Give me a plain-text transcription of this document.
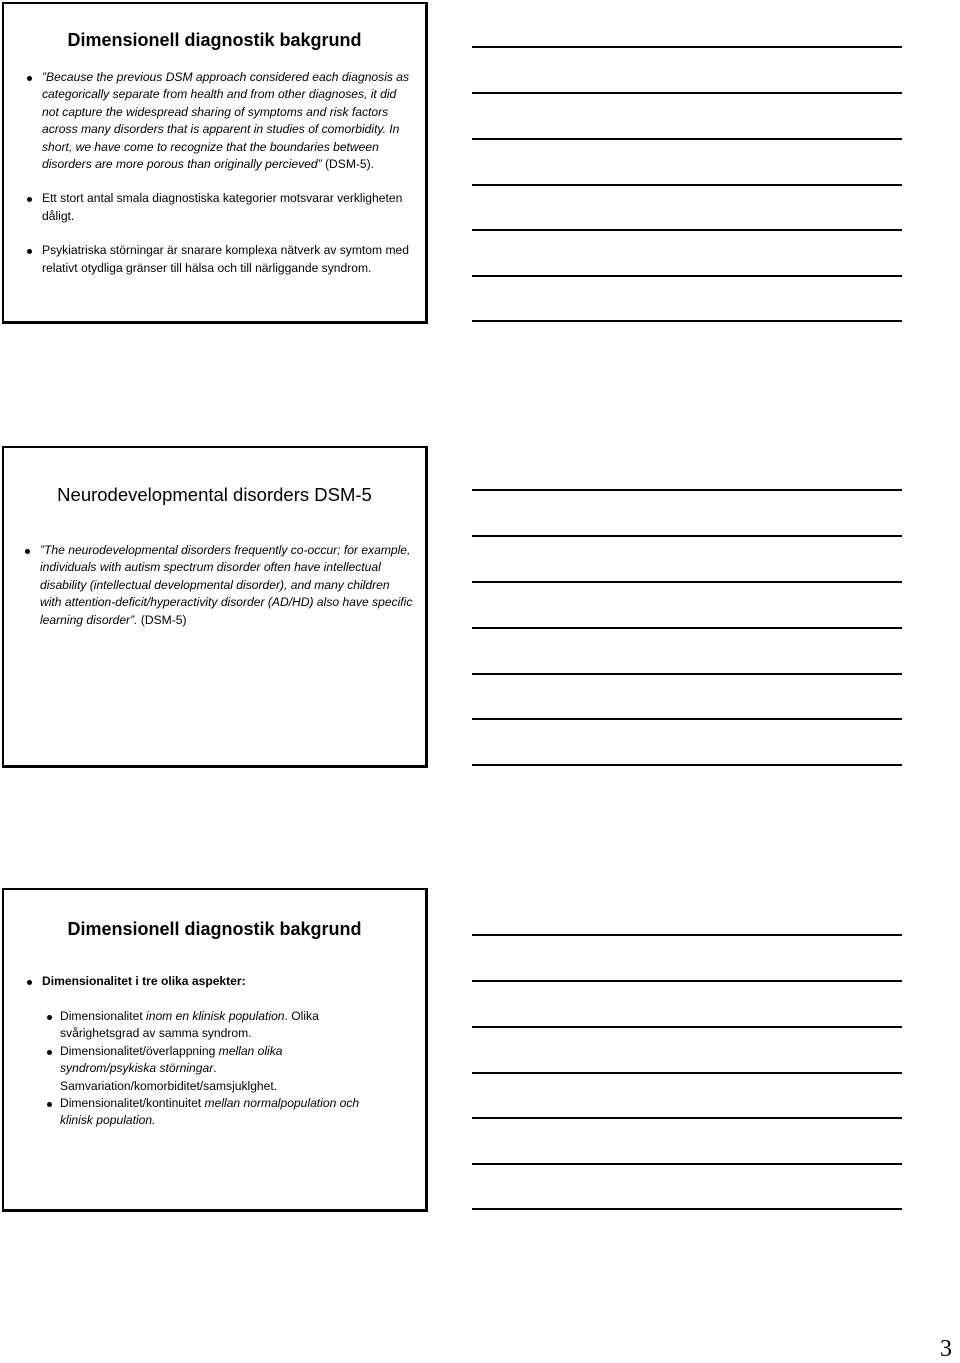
Dimensionell diagnostik bakgrund
”Because the previous DSM approach considered each diagnosis as categorically separate from health and from other diagnoses, it did not capture the widespread sharing of symptoms and risk factors across many disorders that is apparent in studies of comorbidity. In short, we have come to recognize that the boundaries between disorders are more porous than originally percieved” (DSM-5).
Ett stort antal smala diagnostiska kategorier motsvarar verkligheten dåligt.
Psykiatriska störningar är snarare komplexa nätverk av symtom med relativt otydliga gränser till hälsa och till närliggande syndrom.
Neurodevelopmental disorders DSM-5
”The neurodevelopmental disorders frequently co-occur; for example, individuals with autism spectrum disorder often have intellectual disability (intellectual developmental disorder), and many children with attention-deficit/hyperactivity disorder (AD/HD) also have specific learning disorder”. (DSM-5)
Dimensionell diagnostik bakgrund
Dimensionalitet i tre olika aspekter:
Dimensionalitet inom en klinisk population. Olika svårighetsgrad av samma syndrom.
Dimensionalitet/överlappning mellan olika syndrom/psykiska störningar. Samvariation/komorbiditet/samsjuklghet.
Dimensionalitet/kontinuitet mellan normalpopulation och klinisk population.
3
